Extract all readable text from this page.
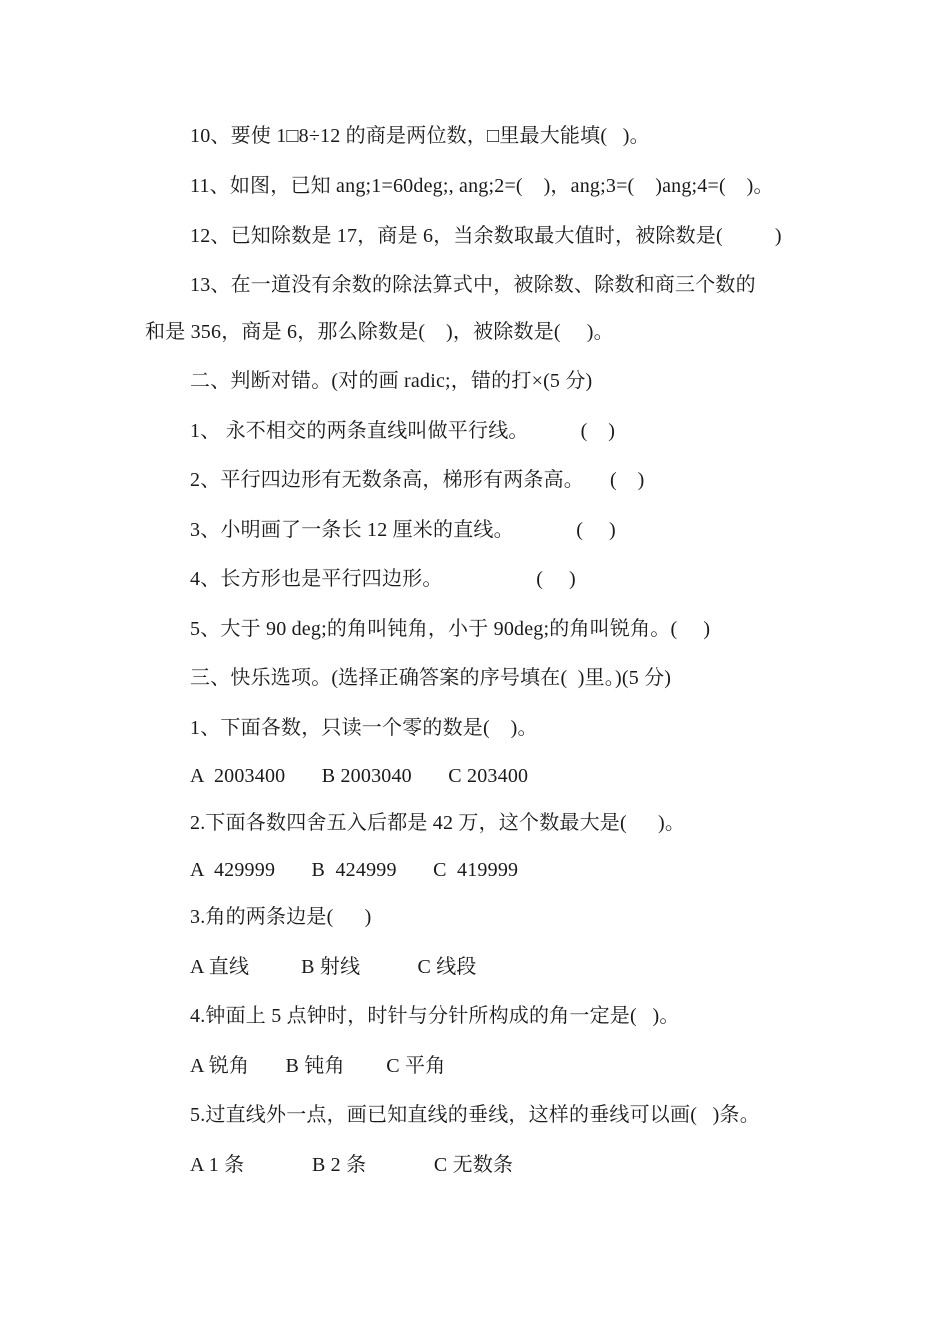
10、要使 1□8÷12 的商是两位数，□里最大能填(   )。
11、如图，已知 ang;1=60deg;, ang;2=(    )，ang;3=(    )ang;4=(    )。
12、已知除数是 17，商是 6，当余数取最大值时，被除数是(          )
13、在一道没有余数的除法算式中，被除数、除数和商三个数的
和是 356，商是 6，那么除数是(    )，被除数是(     )。
二、判断对错。(对的画 radic;，错的打×(5 分)
1、 永不相交的两条直线叫做平行线。          (    )
2、平行四边形有无数条高，梯形有两条高。     (    )
3、小明画了一条长 12 厘米的直线。            (     )
4、长方形也是平行四边形。                  (     )
5、大于 90 deg;的角叫钝角，小于 90deg;的角叫锐角。(     )
三、快乐选项。(选择正确答案的序号填在(  )里。)(5 分)
1、下面各数，只读一个零的数是(    )。
A  2003400       B 2003040       C 203400
2.下面各数四舍五入后都是 42 万，这个数最大是(      )。
A  429999       B  424999       C  419999
3.角的两条边是(      )
A 直线          B 射线           C 线段
4.钟面上 5 点钟时，时针与分针所构成的角一定是(   )。
A 锐角       B 钝角        C 平角
5.过直线外一点，画已知直线的垂线，这样的垂线可以画(   )条。
A 1 条             B 2 条             C 无数条
